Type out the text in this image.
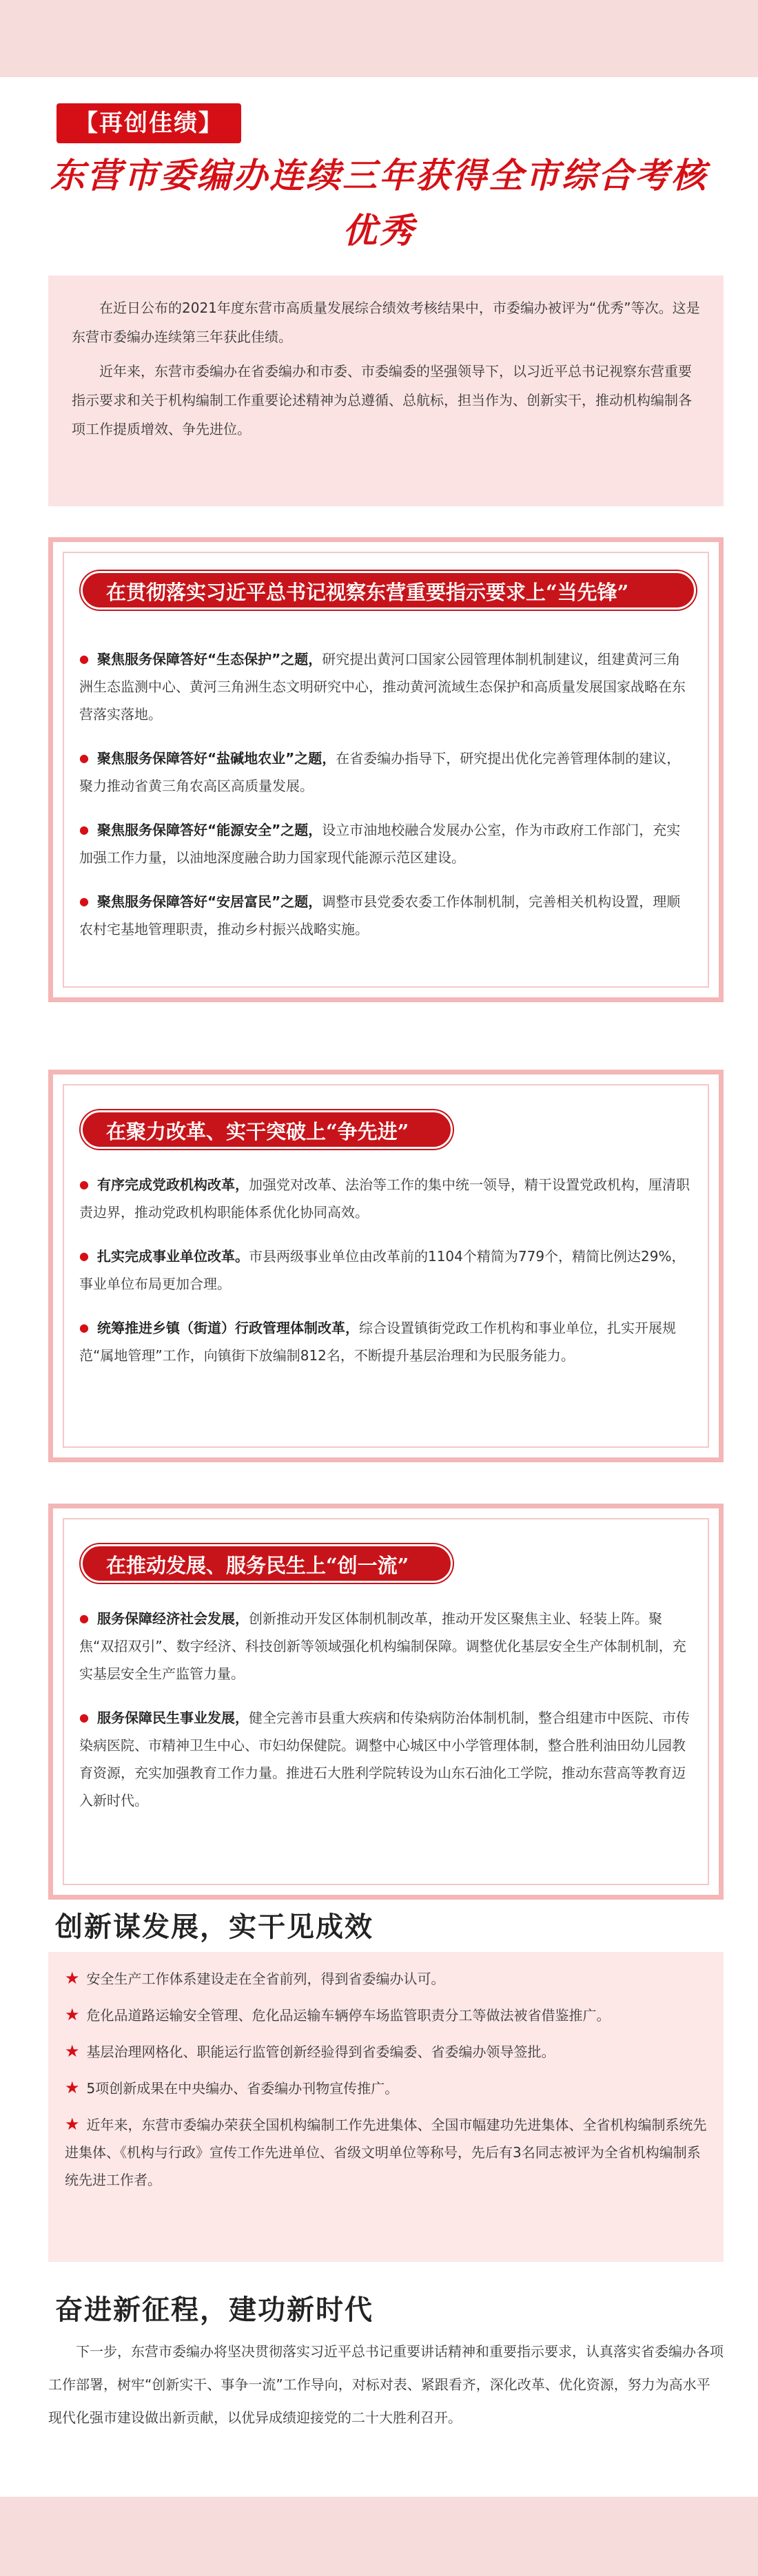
【再创佳绩】
东营市委编办连续三年获得全市综合考核优秀

在近日公布的2021年度东营市高质量发展综合绩效考核结果中，市委编办被评为“优秀”等次。这是东营市委编办连续第三年获此佳绩。

近年来，东营市委编办在省委编办和市委、市委编委的坚强领导下，以习近平总书记视察东营重要指示要求和关于机构编制工作重要论述精神为总遵循、总航标，担当作为、创新实干，推动机构编制各项工作提质增效、争先进位。

在贯彻落实习近平总书记视察东营重要指示要求上“当先锋”
● 聚焦服务保障答好“生态保护”之题，研究提出黄河口国家公园管理体制机制建议，组建黄河三角洲生态监测中心、黄河三角洲生态文明研究中心，推动黄河流域生态保护和高质量发展国家战略在东营落实落地。
● 聚焦服务保障答好“盐碱地农业”之题，在省委编办指导下，研究提出优化完善管理体制的建议，聚力推动省黄三角农高区高质量发展。
● 聚焦服务保障答好“能源安全”之题，设立市油地校融合发展办公室，作为市政府工作部门，充实加强工作力量，以油地深度融合助力国家现代能源示范区建设。
● 聚焦服务保障答好“安居富民”之题，调整市县党委农委工作体制机制，完善相关机构设置，理顺农村宅基地管理职责，推动乡村振兴战略实施。
在聚力改革、实干突破上“争先进”
● 有序完成党政机构改革，加强党对改革、法治等工作的集中统一领导，精干设置党政机构，厘清职责边界，推动党政机构职能体系优化协同高效。
● 扎实完成事业单位改革。市县两级事业单位由改革前的1104个精简为779个，精简比例达29%，事业单位布局更加合理。
● 统筹推进乡镇（街道）行政管理体制改革，综合设置镇街党政工作机构和事业单位，扎实开展规范“属地管理”工作，向镇街下放编制812名，不断提升基层治理和为民服务能力。
在推动发展、服务民生上“创一流”
● 服务保障经济社会发展，创新推动开发区体制机制改革，推动开发区聚焦主业、轻装上阵。聚焦“双招双引”、数字经济、科技创新等领域强化机构编制保障。调整优化基层安全生产体制机制，充实基层安全生产监管力量。
● 服务保障民生事业发展，健全完善市县重大疾病和传染病防治体制机制，整合组建市中医院、市传染病医院、市精神卫生中心、市妇幼保健院。调整中心城区中小学管理体制，整合胜利油田幼儿园教育资源，充实加强教育工作力量。推进石大胜利学院转设为山东石油化工学院，推动东营高等教育迈入新时代。
创新谋发展，实干见成效
★ 安全生产工作体系建设走在全省前列，得到省委编办认可。
★ 危化品道路运输安全管理、危化品运输车辆停车场监管职责分工等做法被省借鉴推广。
★ 基层治理网格化、职能运行监管创新经验得到省委编委、省委编办领导签批。
★ 5项创新成果在中央编办、省委编办刊物宣传推广。
★ 近年来，东营市委编办荣获全国机构编制工作先进集体、全国市幅建功先进集体、全省机构编制系统先进集体、《机构与行政》宣传工作先进单位、省级文明单位等称号，先后有3名同志被评为全省机构编制系统先进工作者。
奋进新征程，建功新时代

下一步，东营市委编办将坚决贯彻落实习近平总书记重要讲话精神和重要指示要求，认真落实省委编办各项工作部署，树牢“创新实干、事争一流”工作导向，对标对表、紧跟看齐，深化改革、优化资源，努力为高水平现代化强市建设做出新贡献，以优异成绩迎接党的二十大胜利召开。
